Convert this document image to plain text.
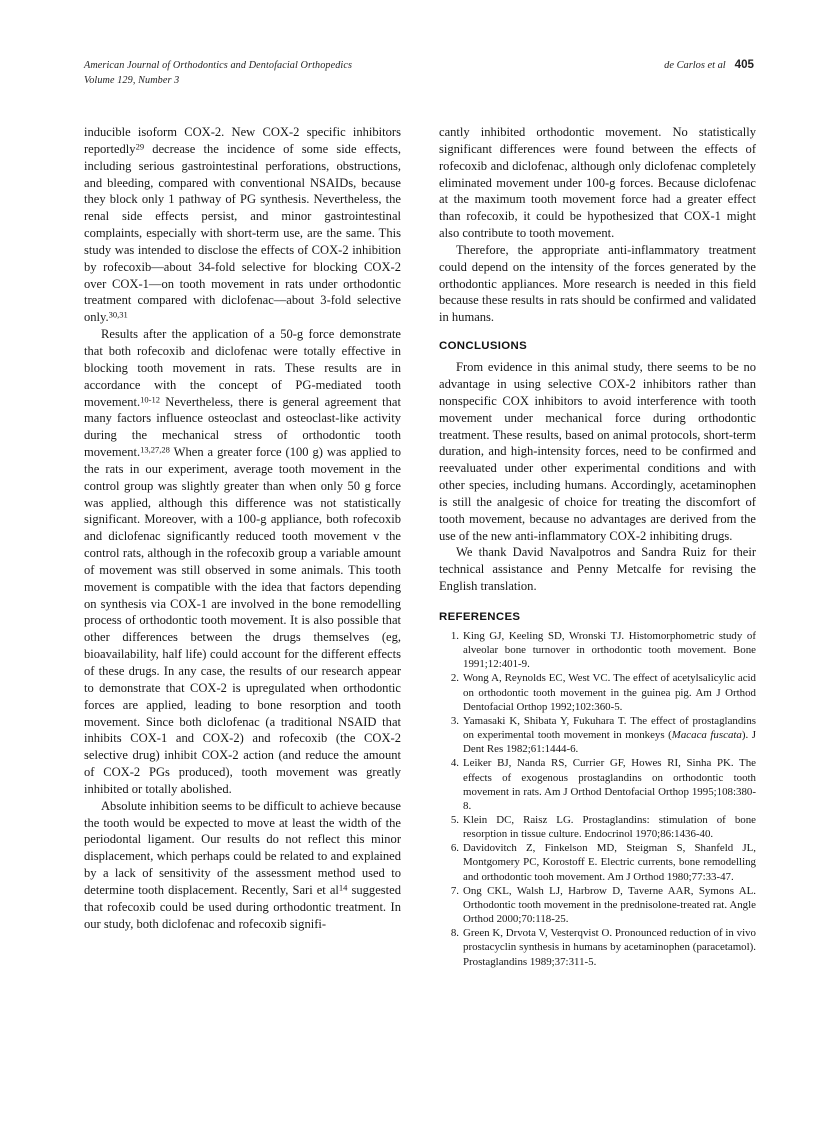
American Journal of Orthodontics and Dentofacial Orthopedics
Volume 129, Number 3
de Carlos et al 405

inducible isoform COX-2. New COX-2 specific inhibitors reportedly$^{29}$ decrease the incidence of some side effects, including serious gastrointestinal perforations, obstructions, and bleeding, compared with conventional NSAIDs, because they block only 1 pathway of PG synthesis. Nevertheless, the renal side effects persist, and minor gastrointestinal complaints, especially with short-term use, are the same. This study was intended to disclose the effects of COX-2 inhibition by rofecoxib—about 34-fold selective for blocking COX-2 over COX-1—on tooth movement in rats under orthodontic treatment compared with diclofenac—about 3-fold selective only.$^{30,31}$

Results after the application of a 50-g force demonstrate that both rofecoxib and diclofenac were totally effective in blocking tooth movement in rats. These results are in accordance with the concept of PG-mediated tooth movement.$^{10-12}$ Nevertheless, there is general agreement that many factors influence osteoclast and osteoclast-like activity during the mechanical stress of orthodontic tooth movement.$^{13,27,28}$ When a greater force (100 g) was applied to the rats in our experiment, average tooth movement in the control group was slightly greater than when only 50 g force was applied, although this difference was not statistically significant. Moreover, with a 100-g appliance, both rofecoxib and diclofenac significantly reduced tooth movement v the control rats, although in the rofecoxib group a variable amount of movement was still observed in some animals. This tooth movement is compatible with the idea that factors depending on synthesis via COX-1 are involved in the bone remodelling process of orthodontic tooth movement. It is also possible that other differences between the drugs themselves (eg, bioavailability, half life) could account for the different effects of these drugs. In any case, the results of our research appear to demonstrate that COX-2 is upregulated when orthodontic forces are applied, leading to bone resorption and tooth movement. Since both diclofenac (a traditional NSAID that inhibits COX-1 and COX-2) and rofecoxib (the COX-2 selective drug) inhibit COX-2 action (and reduce the amount of COX-2 PGs produced), tooth movement was greatly inhibited or totally abolished.

Absolute inhibition seems to be difficult to achieve because the tooth would be expected to move at least the width of the periodontal ligament. Our results do not reflect this minor displacement, which perhaps could be related to and explained by a lack of sensitivity of the assessment method used to determine tooth displacement. Recently, Sari et $al^{14}$ suggested that rofecoxib could be used during orthodontic treatment. In our study, both diclofenac and rofecoxib signifi-

cantly inhibited orthodontic movement. No statistically significant differences were found between the effects of rofecoxib and diclofenac, although only diclofenac completely eliminated movement under 100-g forces. Because diclofenac at the maximum tooth movement force had a greater effect than rofecoxib, it could be hypothesized that COX-1 might also contribute to tooth movement.

Therefore, the appropriate anti-inflammatory treatment could depend on the intensity of the forces generated by the orthodontic appliances. More research is needed in this field because these results in rats should be confirmed and validated in humans.

CONCLUSIONS

From evidence in this animal study, there seems to be no advantage in using selective COX-2 inhibitors rather than nonspecific COX inhibitors to avoid interference with tooth movement under mechanical force during orthodontic treatment. These results, based on animal protocols, short-term duration, and high-intensity forces, need to be confirmed and reevaluated under other experimental conditions and with other species, including humans. Accordingly, acetaminophen is still the analgesic of choice for treating the discomfort of tooth movement, because no advantages are derived from the use of the new anti-inflammatory COX-2 inhibiting drugs.

We thank David Navalpotros and Sandra Ruiz for their technical assistance and Penny Metcalfe for revising the English translation.

REFERENCES
King GJ, Keeling SD, Wronski TJ. Histomorphometric study of alveolar bone turnover in orthodontic tooth movement. Bone 1991;12:401-9.
Wong A, Reynolds EC, West VC. The effect of acetylsalicylic acid on orthodontic tooth movement in the guinea pig. Am J Orthod Dentofacial Orthop 1992;102:360-5.
Yamasaki K, Shibata Y, Fukuhara T. The effect of prostaglandins on experimental tooth movement in monkeys (Macaca fuscata). J Dent Res 1982;61:1444-6.
Leiker BJ, Nanda RS, Currier GF, Howes RI, Sinha PK. The effects of exogenous prostaglandins on orthodontic tooth movement in rats. Am J Orthod Dentofacial Orthop 1995;108:380-8.
Klein DC, Raisz LG. Prostaglandins: stimulation of bone resorption in tissue culture. Endocrinol 1970;86:1436-40.
Davidovitch Z, Finkelson MD, Steigman S, Shanfeld JL, Montgomery PC, Korostoff E. Electric currents, bone remodelling and orthodontic tooh movement. Am J Orthod 1980;77:33-47.
Ong CKL, Walsh LJ, Harbrow D, Taverne AAR, Symons AL. Orthodontic tooth movement in the prednisolone-treated rat. Angle Orthod 2000;70:118-25.
Green K, Drvota V, Vesterqvist O. Pronounced reduction of in vivo prostacyclin synthesis in humans by acetaminophen (paracetamol). Prostaglandins 1989;37:311-5.
